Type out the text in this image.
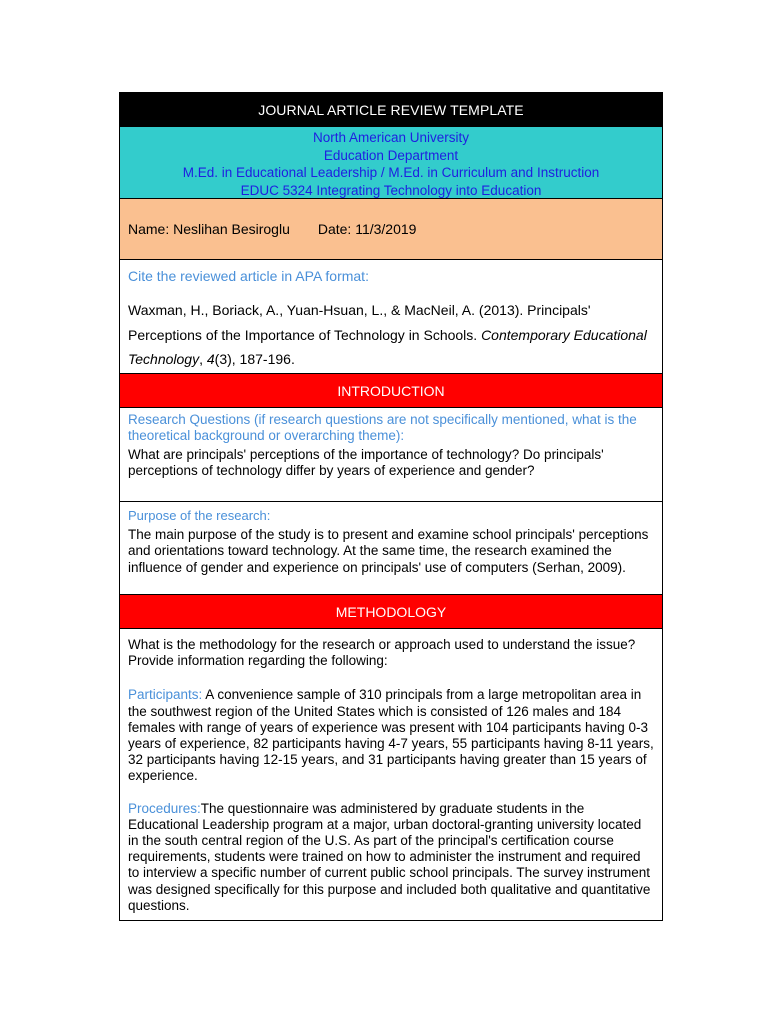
JOURNAL ARTICLE REVIEW TEMPLATE
North American University
Education Department
M.Ed. in Educational Leadership / M.Ed. in Curriculum and Instruction
EDUC 5324 Integrating Technology into Education
Name: Neslihan Besiroglu Date: 11/3/2019
Cite the reviewed article in APA format:
Waxman, H., Boriack, A., Yuan-Hsuan, L., & MacNeil, A. (2013). Principals' Perceptions of the Importance of Technology in Schools. Contemporary Educational Technology, 4(3), 187-196.
INTRODUCTION
Research Questions (if research questions are not specifically mentioned, what is the theoretical background or overarching theme):
What are principals' perceptions of the importance of technology? Do principals' perceptions of technology differ by years of experience and gender?
Purpose of the research:
The main purpose of the study is to present and examine school principals' perceptions and orientations toward technology. At the same time, the research examined the influence of gender and experience on principals' use of computers (Serhan, 2009).
METHODOLOGY

What is the methodology for the research or approach used to understand the issue? Provide information regarding the following:

Participants: A convenience sample of 310 principals from a large metropolitan area in the southwest region of the United States which is consisted of 126 males and 184 females with range of years of experience was present with 104 participants having 0-3 years of experience, 82 participants having 4-7 years, 55 participants having 8-11 years, 32 participants having 12-15 years, and 31 participants having greater than 15 years of experience.

Procedures:The questionnaire was administered by graduate students in the Educational Leadership program at a major, urban doctoral-granting university located in the south central region of the U.S. As part of the principal's certification course requirements, students were trained on how to administer the instrument and required to interview a specific number of current public school principals. The survey instrument was designed specifically for this purpose and included both qualitative and quantitative questions.
